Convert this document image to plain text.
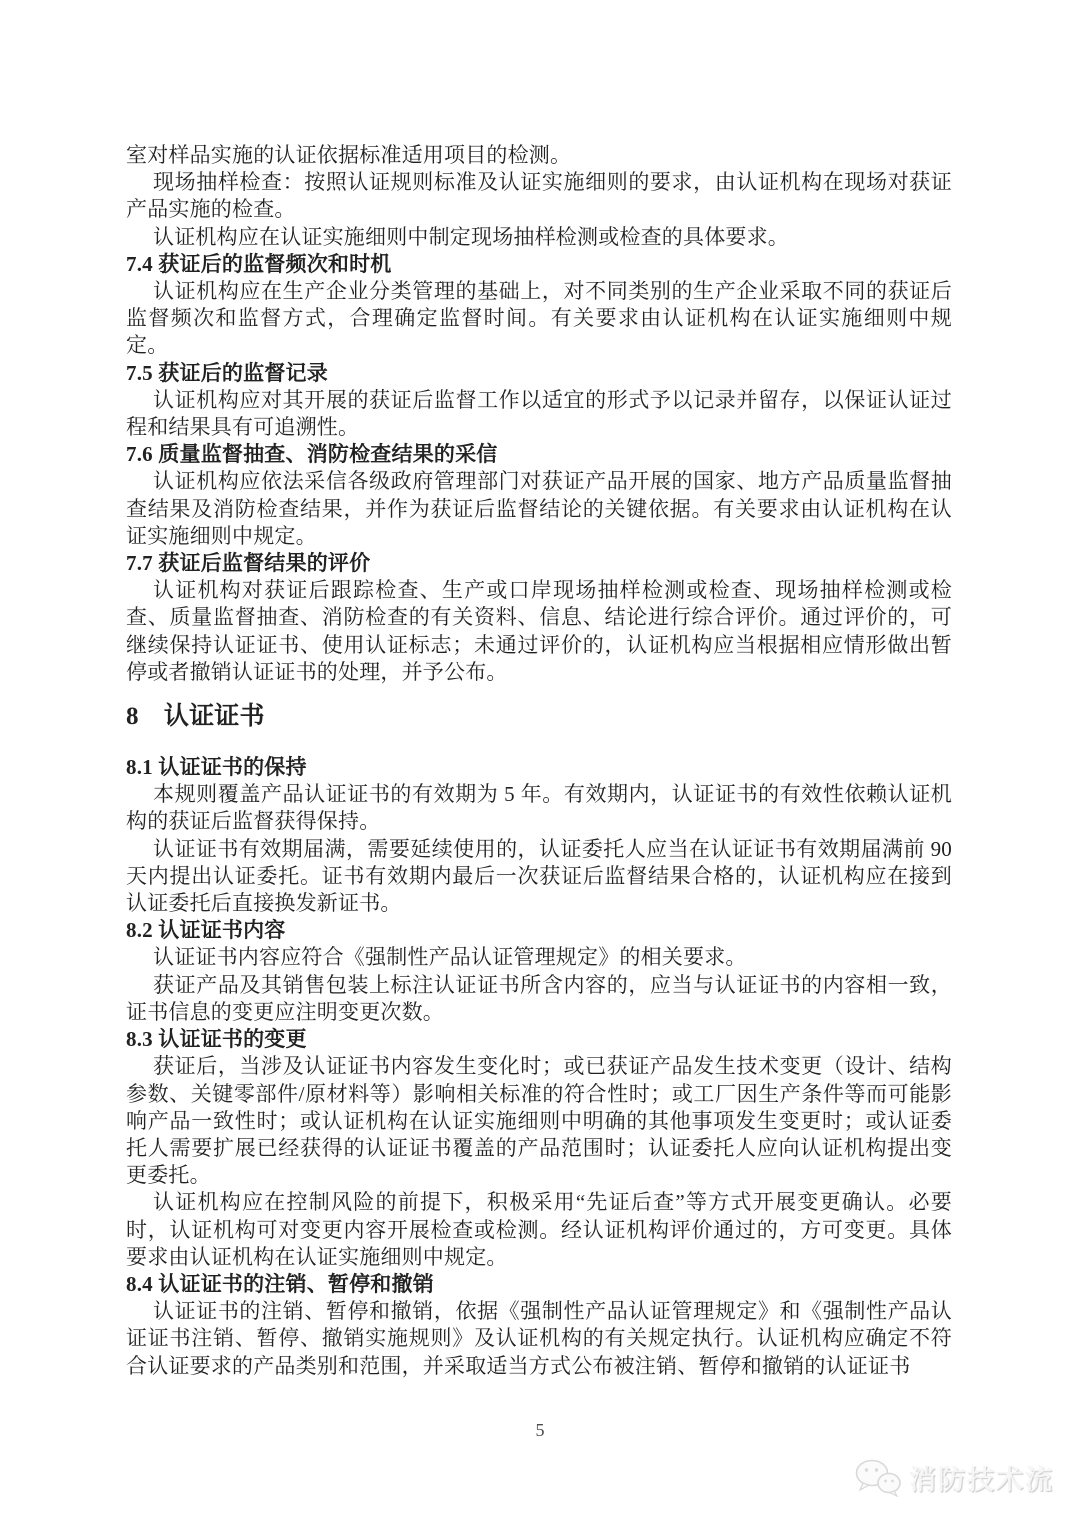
室对样品实施的认证依据标准适用项目的检测。

现场抽样检查：按照认证规则标准及认证实施细则的要求，由认证机构在现场对获证产品实施的检查。

认证机构应在认证实施细则中制定现场抽样检测或检查的具体要求。

7.4 获证后的监督频次和时机

认证机构应在生产企业分类管理的基础上，对不同类别的生产企业采取不同的获证后监督频次和监督方式，合理确定监督时间。有关要求由认证机构在认证实施细则中规定。

7.5 获证后的监督记录

认证机构应对其开展的获证后监督工作以适宜的形式予以记录并留存，以保证认证过程和结果具有可追溯性。

7.6 质量监督抽查、消防检查结果的采信

认证机构应依法采信各级政府管理部门对获证产品开展的国家、地方产品质量监督抽查结果及消防检查结果，并作为获证后监督结论的关键依据。有关要求由认证机构在认证实施细则中规定。

7.7 获证后监督结果的评价

认证机构对获证后跟踪检查、生产或口岸现场抽样检测或检查、现场抽样检测或检查、质量监督抽查、消防检查的有关资料、信息、结论进行综合评价。通过评价的，可继续保持认证证书、使用认证标志；未通过评价的，认证机构应当根据相应情形做出暂停或者撤销认证证书的处理，并予公布。

8　认证证书
8.1 认证证书的保持

本规则覆盖产品认证证书的有效期为 5 年。有效期内，认证证书的有效性依赖认证机构的获证后监督获得保持。

认证证书有效期届满，需要延续使用的，认证委托人应当在认证证书有效期届满前 90 天内提出认证委托。证书有效期内最后一次获证后监督结果合格的，认证机构应在接到认证委托后直接换发新证书。

8.2 认证证书内容

认证证书内容应符合《强制性产品认证管理规定》的相关要求。

获证产品及其销售包装上标注认证证书所含内容的，应当与认证证书的内容相一致，证书信息的变更应注明变更次数。

8.3 认证证书的变更

获证后，当涉及认证证书内容发生变化时；或已获证产品发生技术变更（设计、结构参数、关键零部件/原材料等）影响相关标准的符合性时；或工厂因生产条件等而可能影响产品一致性时；或认证机构在认证实施细则中明确的其他事项发生变更时；或认证委托人需要扩展已经获得的认证证书覆盖的产品范围时；认证委托人应向认证机构提出变更委托。

认证机构应在控制风险的前提下，积极采用“先证后查”等方式开展变更确认。必要时，认证机构可对变更内容开展检查或检测。经认证机构评价通过的，方可变更。具体要求由认证机构在认证实施细则中规定。

8.4 认证证书的注销、暂停和撤销

认证证书的注销、暂停和撤销，依据《强制性产品认证管理规定》和《强制性产品认证证书注销、暂停、撤销实施规则》及认证机构的有关规定执行。认证机构应确定不符合认证要求的产品类别和范围，并采取适当方式公布被注销、暂停和撤销的认证证书

5
消防技术流
